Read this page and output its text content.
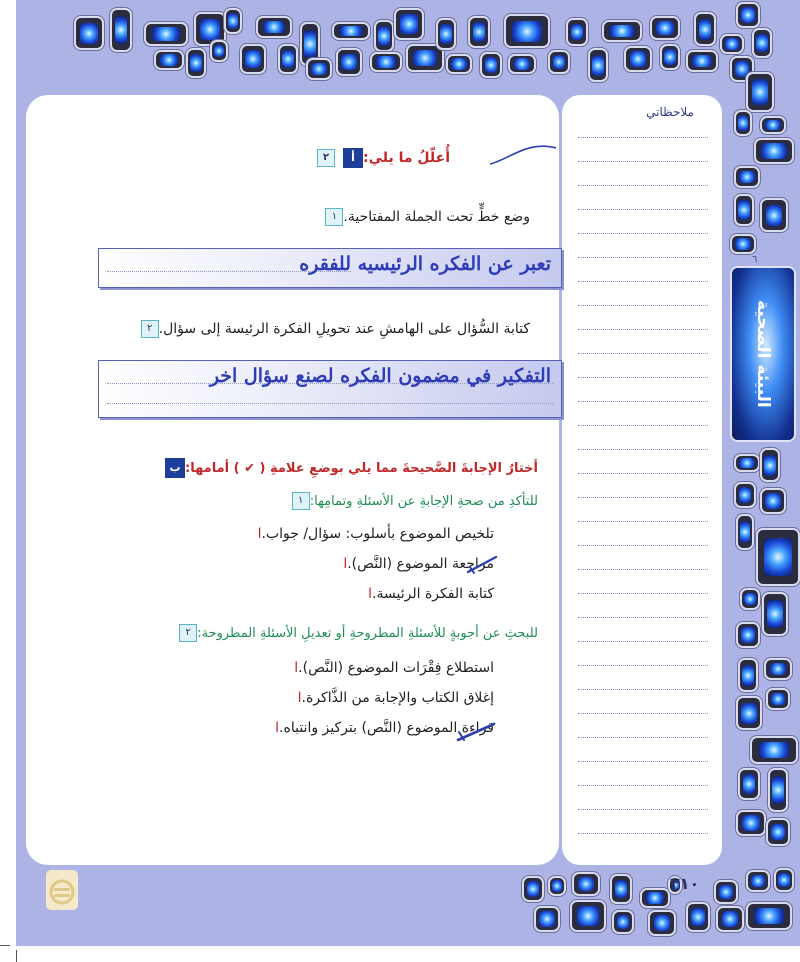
ملاحظاتي
٦
البيئة الصحية
٢	أ أُعلّلُ ما يلي:
١ وضع خطٍّ تحت الجملة المفتاحية.
تعبر عن الفكره الرئيسيه للفقره
٢ كتابة السُّؤال على الهامشِ عند تحويلِ الفكرة الرئيسة إلى سؤال.
التفكير في مضمون الفكره لصنع سؤال اخر
ب أختارُ الإجابةَ الصَّحيحةَ مما يلي بوضعِ علامةِ ( ✔ ) أمامها:
١ للتأكدِ من صحةِ الإجابةِ عن الأسئلةِ وتمامِها:
ا تلخيص الموضوع بأسلوب: سؤال/ جواب.
ا مراجعة الموضوع (النَّص).
ا كتابة الفكرة الرئيسة.
٢ للبحثِ عن أجوبةٍ للأسئلةِ المطروحةِ أو تعديلِ الأسئلةِ المطروحة:
ا استطلاع فِقْرَات الموضوع (النَّص).
ا إغلاق الكتاب والإجابة من الذَّاكرة.
ا قراءة الموضوع (النَّص) بتركيز وانتباه.
٢١٠
